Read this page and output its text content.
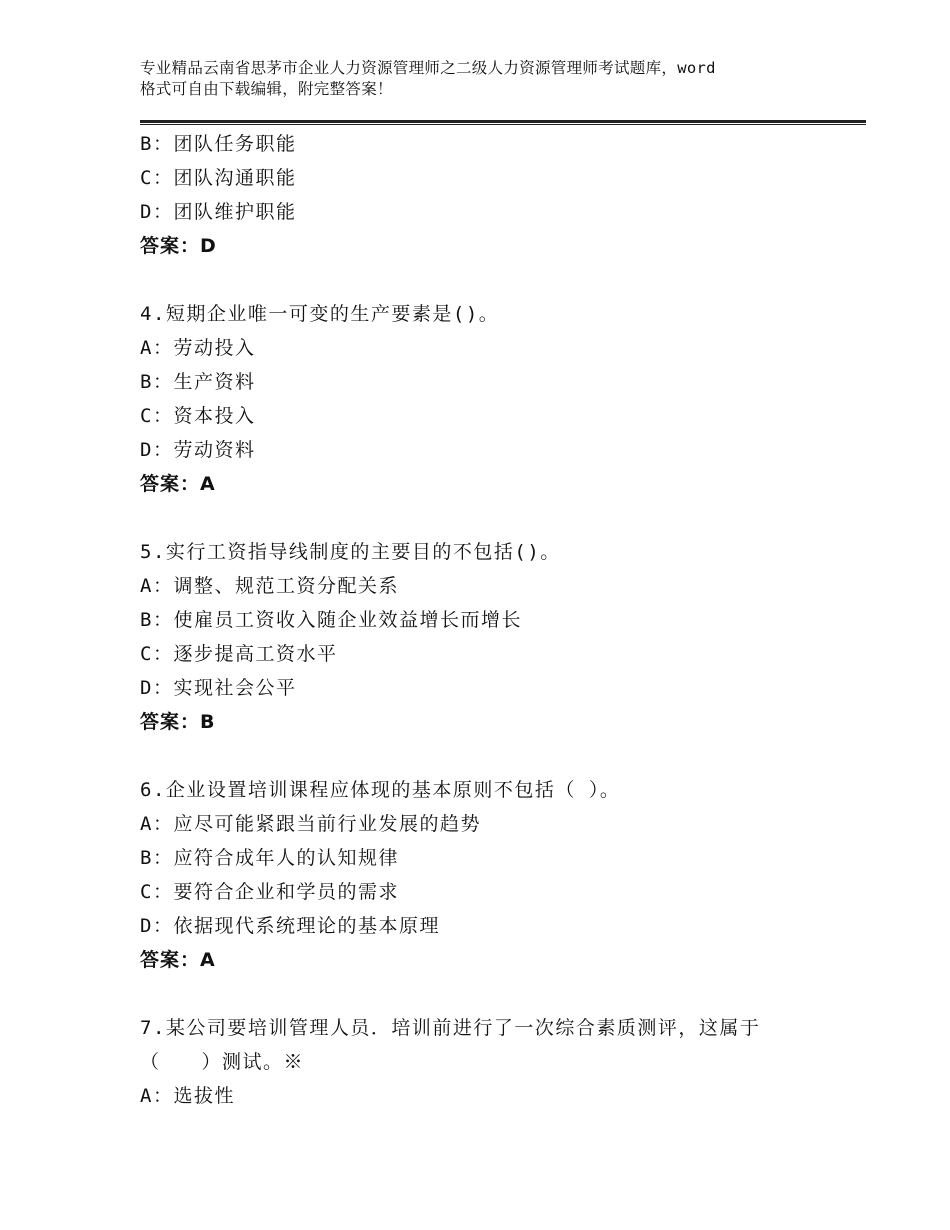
专业精品云南省思茅市企业人力资源管理师之二级人力资源管理师考试题库，word
格式可自由下载编辑，附完整答案！
B：团队任务职能
C：团队沟通职能
D：团队维护职能
答案：D
4.短期企业唯一可变的生产要素是()。
A：劳动投入
B：生产资料
C：资本投入
D：劳动资料
答案：A
5.实行工资指导线制度的主要目的不包括()。
A：调整、规范工资分配关系
B：使雇员工资收入随企业效益增长而增长
C：逐步提高工资水平
D：实现社会公平
答案：B
6.企业设置培训课程应体现的基本原则不包括（ ）。
A：应尽可能紧跟当前行业发展的趋势
B：应符合成年人的认知规律
C：要符合企业和学员的需求
D：依据现代系统理论的基本原理
答案：A
7.某公司要培训管理人员．培训前进行了一次综合素质测评，这属于
（　　）测试。※
A：选拔性
